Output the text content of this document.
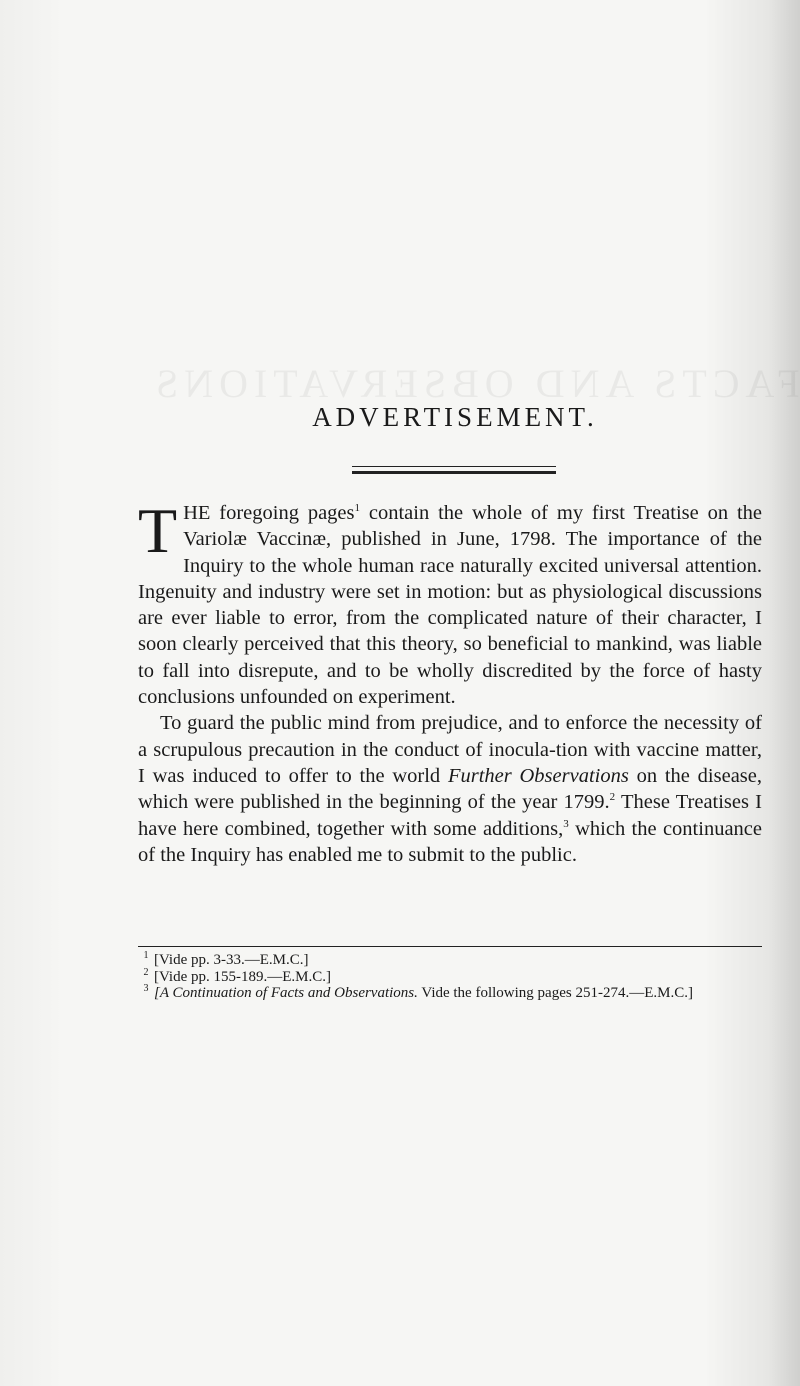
FACTS AND OBSERVATIONS
ADVERTISEMENT.

THE foregoing pages$^1$ contain the whole of my first Treatise on the Variolæ Vaccinæ, published in June, 1798. The importance of the Inquiry to the whole human race naturally excited universal attention. Ingenuity and industry were set in motion: but as physiological discussions are ever liable to error, from the complicated nature of their character, I soon clearly perceived that this theory, so beneficial to mankind, was liable to fall into disrepute, and to be wholly discredited by the force of hasty conclusions unfounded on experiment.

To guard the public mind from prejudice, and to enforce the necessity of a scrupulous precaution in the conduct of inocula-tion with vaccine matter, I was induced to offer to the world Further Observations on the disease, which were published in the beginning of the year 1799.$^2$ These Treatises I have here combined, together with some additions,$^3$ which the continuance of the Inquiry has enabled me to submit to the public.

1 [Vide pp. 3-33.—E.M.C.]

2 [Vide pp. 155-189.—E.M.C.]

3 [A Continuation of Facts and Observations. Vide the following pages 251-274.—E.M.C.]
